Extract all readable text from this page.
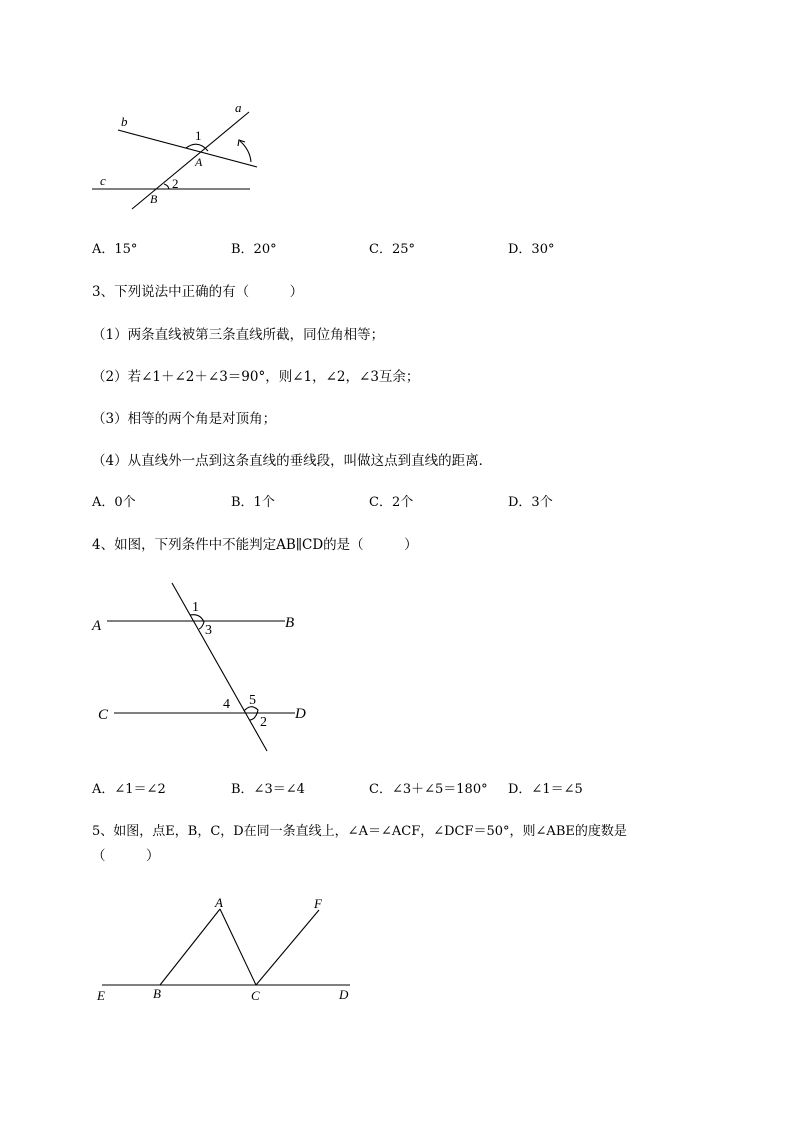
a
b
c
1
2
A
B
A．15°	B．20°	C．25°	D．30°
3、下列说法中正确的有（　　　）
（1）两条直线被第三条直线所截，同位角相等；
（2）若∠1＋∠2＋∠3＝90°，则∠1，∠2，∠3互余；
（3）相等的两个角是对顶角；
（4）从直线外一点到这条直线的垂线段，叫做这点到直线的距离．
A．0个	B．1个	C．2个	D．3个
4、如图，下列条件中不能判定AB∥CD的是（　　　）
A	B
C	D
1
3
4 5
2
A．∠1＝∠2	B．∠3＝∠4	C．∠3＋∠5＝180° D．∠1＝∠5
5、如图，点E，B，C，D在同一条直线上，∠A＝∠ACF，∠DCF＝50°，则∠ABE的度数是
（　　　）
A	F
E	B	C	D
